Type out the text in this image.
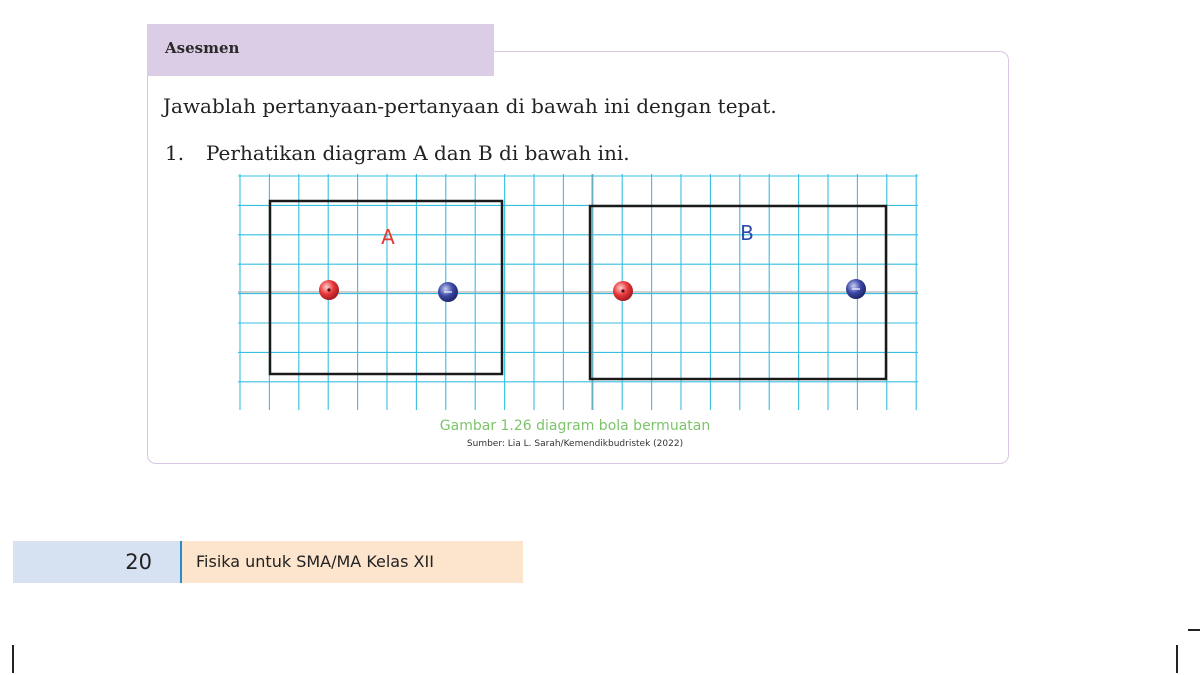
Asesmen
Jawablah pertanyaan-pertanyaan di bawah ini dengan tepat.
1. Perhatikan diagram A dan B di bawah ini.
A	B
Gambar 1.26 diagram bola bermuatan
Sumber: Lia L. Sarah/Kemendikbudristek (2022)
20	Fisika untuk SMA/MA Kelas XII
